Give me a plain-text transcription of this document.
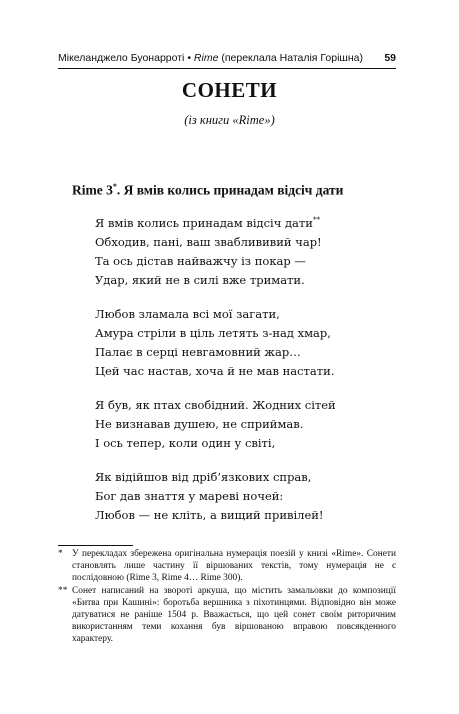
Мікеланджело Буонарроті • Rime (переклала Наталія Горішна) 59
СОНЕТИ
(із книги «Rime»)
Rime 3*. Я вмів колись принадам відсіч дати
Я вмів колись принадам відсіч дати**
Обходив, пані, ваш зваблививий чар!
Та ось дістав найважчу із покар —
Удар, який не в силі вже тримати.
Любов зламала всі мої загати,
Амура стріли в ціль летять з-над хмар,
Палає в серці невгамовний жар…
Цей час настав, хоча й не мав настати.
Я був, як птах свобідний. Жодних сітей
Не визнавав душею, не сприймав.
І ось тепер, коли один у світі,
Як відійшов від дріб’язкових справ,
Бог дав знаття у мареві ночей:
Любов — не кліть, а вищий привілей!
* У перекладах збережена оригінальна нумерація поезій у книзі «Rime». Сонети становлять лише частину її віршованих текстів, тому нумерація не є послідовною (Rime 3, Rime 4… Rime 300).
** Сонет написаний на звороті аркуша, що містить замальовки до композиції «Битва при Кашині»: боротьба вершника з піхотинцями. Відповідно він може датуватися не раніше 1504 р. Вважається, що цей сонет своїм риторичним використанням теми кохання був віршованою вправою повсякденного характеру.
